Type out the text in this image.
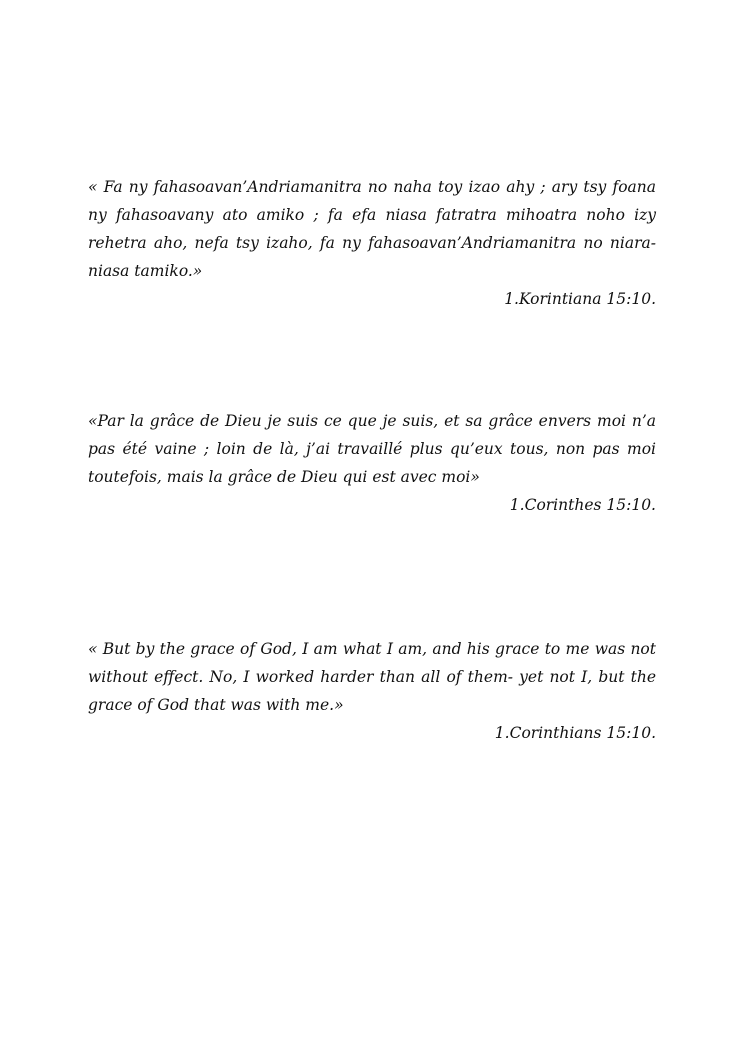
« Fa ny fahasoavan’Andriamanitra no naha toy izao ahy ; ary tsy foana ny fahasoavany ato amiko ; fa efa niasa fatratra mihoatra noho izy rehetra aho, nefa tsy izaho, fa ny fahasoavan’Andriamanitra no niara-niasa tamiko.»

1.Korintiana 15:10.

«Par la grâce de Dieu je suis ce que je suis, et sa grâce envers moi n’a pas été vaine ; loin de là, j’ai travaillé plus qu’eux tous, non pas moi toutefois, mais la grâce de Dieu qui est avec moi»

1.Corinthes 15:10.

« But by the grace of God, I am what I am, and his grace to me was not without effect. No, I worked harder than all of them- yet not I, but the grace of God that was with me.»

1.Corinthians 15:10.
